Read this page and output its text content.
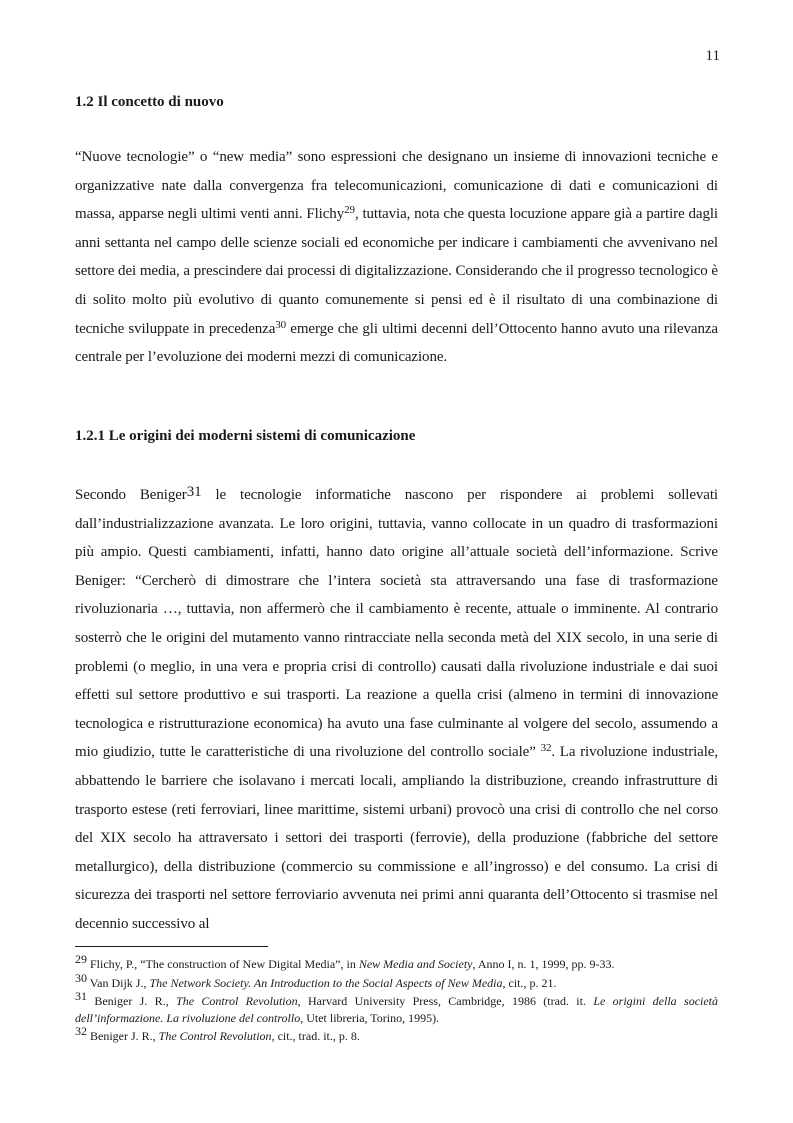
11
1.2 Il concetto di nuovo

“Nuove tecnologie” o “new media” sono espressioni che designano un insieme di innovazioni tecniche e organizzative nate dalla convergenza fra telecomunicazioni, comunicazione di dati e comunicazioni di massa, apparse negli ultimi venti anni. Flichy$^{29}$, tuttavia, nota che questa locuzione appare già a partire dagli anni settanta nel campo delle scienze sociali ed economiche per indicare i cambiamenti che avvenivano nel settore dei media, a prescindere dai processi di digitalizzazione. Considerando che il progresso tecnologico è di solito molto più evolutivo di quanto comunemente si pensi ed è il risultato di una combinazione di tecniche sviluppate in precedenza$^{30}$ emerge che gli ultimi decenni dell’Ottocento hanno avuto una rilevanza centrale per l’evoluzione dei moderni mezzi di comunicazione.

1.2.1 Le origini dei moderni sistemi di comunicazione

Secondo Beniger$^{31}$ le tecnologie informatiche nascono per rispondere ai problemi sollevati dall’industrializzazione avanzata. Le loro origini, tuttavia, vanno collocate in un quadro di trasformazioni più ampio. Questi cambiamenti, infatti, hanno dato origine all’attuale società dell’informazione. Scrive Beniger: “Cercherò di dimostrare che l’intera società sta attraversando una fase di trasformazione rivoluzionaria …, tuttavia, non affermerò che il cambiamento è recente, attuale o imminente. Al contrario sosterrò che le origini del mutamento vanno rintracciate nella seconda metà del XIX secolo, in una serie di problemi (o meglio, in una vera e propria crisi di controllo) causati dalla rivoluzione industriale e dai suoi effetti sul settore produttivo e sui trasporti. La reazione a quella crisi (almeno in termini di innovazione tecnologica e ristrutturazione economica) ha avuto una fase culminante al volgere del secolo, assumendo a mio giudizio, tutte le caratteristiche di una rivoluzione del controllo sociale” $^{32}$. La rivoluzione industriale, abbattendo le barriere che isolavano i mercati locali, ampliando la distribuzione, creando infrastrutture di trasporto estese (reti ferroviari, linee marittime, sistemi urbani) provocò una crisi di controllo che nel corso del XIX secolo ha attraversato i settori dei trasporti (ferrovie), della produzione (fabbriche del settore metallurgico), della distribuzione (commercio su commissione e all’ingrosso) e del consumo. La crisi di sicurezza dei trasporti nel settore ferroviario avvenuta nei primi anni quaranta dell’Ottocento si trasmise nel decennio successivo al

$^{29}$ Flichy, P., “The construction of New Digital Media”, in New Media and Society, Anno I, n. 1, 1999, pp. 9-33.

$^{30}$ Van Dijk J., The Network Society. An Introduction to the Social Aspects of New Media, cit., p. 21.

$^{31}$ Beniger J. R., The Control Revolution, Harvard University Press, Cambridge, 1986 (trad. it. Le origini della società dell’informazione. La rivoluzione del controllo, Utet libreria, Torino, 1995).

$^{32}$ Beniger J. R., The Control Revolution, cit., trad. it., p. 8.
